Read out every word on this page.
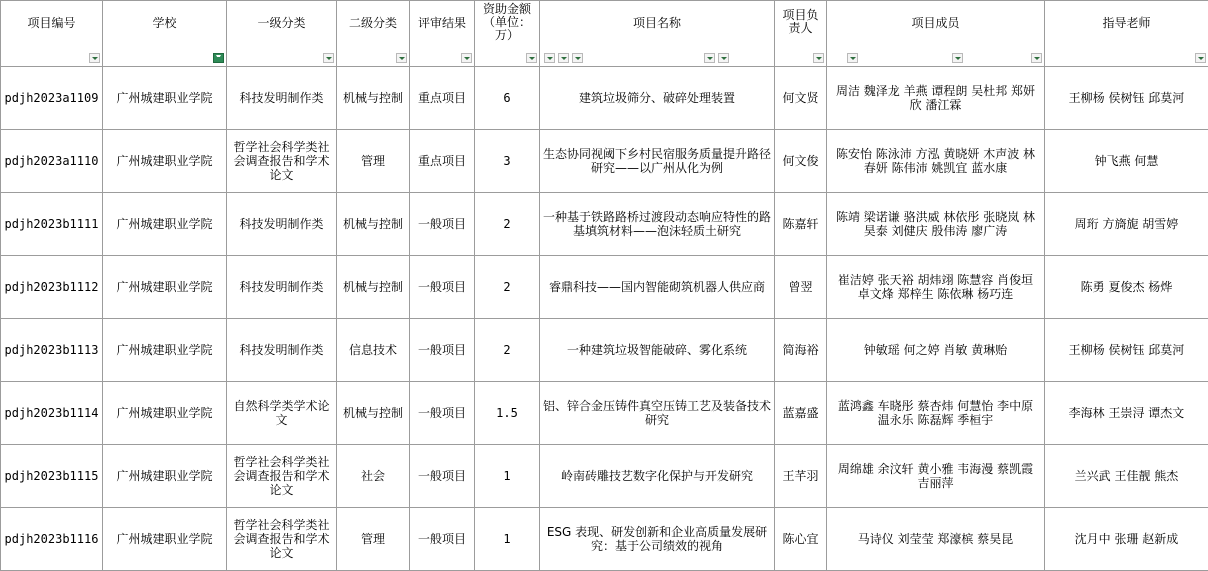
项目编号	学校	一级分类	二级分类	评审结果	资助金额（单位：万）	项目名称	项目负责人	项目成员	指导老师

pdjh2023a1109	广州城建职业学院	科技发明制作类	机械与控制	重点项目	6	建筑垃圾筛分、破碎处理装置	何文贤	周洁 魏泽龙 羊燕 谭程朗 吴杜邦 郑妍欣 潘江霖	王柳杨 侯树钰 邱莫河
pdjh2023a1110	广州城建职业学院	哲学社会科学类社会调查报告和学术论文	管理	重点项目	3	生态协同视阈下乡村民宿服务质量提升路径研究——以广州从化为例	何文俊	陈安怡 陈泳沛 方泓 黄晓妍 木声波 林春妍 陈伟沛 姚凯宜 蓝水康	钟飞燕 何慧
pdjh2023b1111	广州城建职业学院	科技发明制作类	机械与控制	一般项目	2	一种基于铁路路桥过渡段动态响应特性的路基填筑材料——泡沫轻质土研究	陈嘉轩	陈靖 梁诺谦 骆洪威 林依彤 张晓岚 林昊泰 刘健庆 殷伟涛 廖广涛	周珩 方旖旎 胡雪婷
pdjh2023b1112	广州城建职业学院	科技发明制作类	机械与控制	一般项目	2	睿鼎科技——国内智能砌筑机器人供应商	曾翌	崔洁婷 张天裕 胡炜翊 陈慧容 肖俊垣 卓文烽 郑梓生 陈依琳 杨巧连	陈勇 夏俊杰 杨烨
pdjh2023b1113	广州城建职业学院	科技发明制作类	信息技术	一般项目	2	一种建筑垃圾智能破碎、雾化系统	简海裕	钟敏瑶 何之婷 肖敏 黄琳贻	王柳杨 侯树钰 邱莫河
pdjh2023b1114	广州城建职业学院	自然科学类学术论文	机械与控制	一般项目	1.5	铝、锌合金压铸件真空压铸工艺及装备技术研究	蓝嘉盛	蓝鸿鑫 车晓彤 蔡杏炜 何慧怡 李中原 温永乐 陈磊辉 季桓宇	李海林 王崇浔 谭杰文
pdjh2023b1115	广州城建职业学院	哲学社会科学类社会调查报告和学术论文	社会	一般项目	1	岭南砖雕技艺数字化保护与开发研究	王芊羽	周绵雄 余汶轩 黄小雅 韦海漫 蔡凯霞 吉丽萍	兰兴武 王佳靓 熊杰
pdjh2023b1116	广州城建职业学院	哲学社会科学类社会调查报告和学术论文	管理	一般项目	1	ESG 表现、研发创新和企业高质量发展研究：基于公司绩效的视角	陈心宜	马诗仪 刘莹莹 郑濠槟 蔡昊昆	沈月中 张珊 赵新成
